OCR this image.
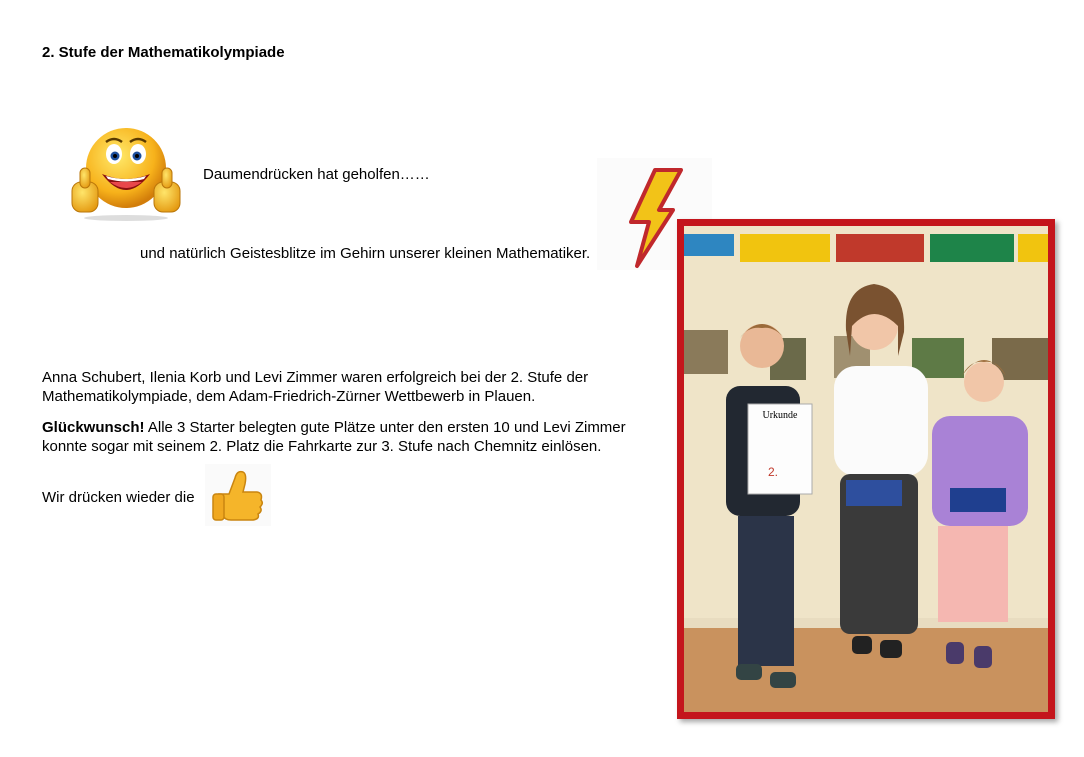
2. Stufe der Mathematikolympiade
Daumendrücken hat geholfen……
und natürlich Geistesblitze im Gehirn unserer kleinen Mathematiker.
Anna Schubert, Ilenia Korb und Levi Zimmer waren erfolgreich bei der 2. Stufe der Mathematikolympiade, dem Adam-Friedrich-Zürner Wettbewerb in Plauen.
Glückwunsch! Alle 3 Starter belegten gute Plätze unter den ersten 10 und Levi Zimmer konnte sogar mit seinem 2. Platz die Fahrkarte zur 3. Stufe nach Chemnitz einlösen.
Wir drücken wieder die
Urkunde
2.
